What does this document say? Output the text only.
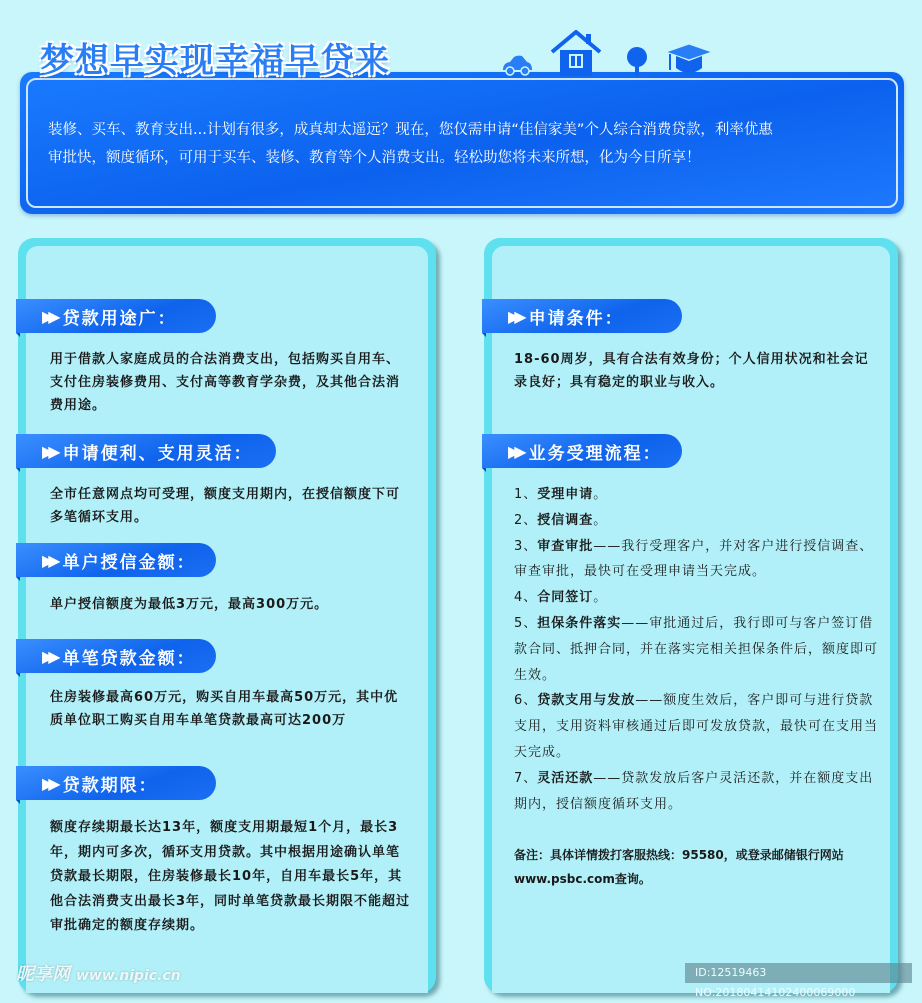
梦想早实现 幸福早贷来
装修、买车、教育支出...计划有很多，成真却太遥远？现在，您仅需申请“佳信家美”个人综合消费贷款，利率优惠
审批快，额度循环，可用于买车、装修、教育等个人消费支出。轻松助您将未来所想，化为今日所享！
▶▶ 贷款用途广：
用于借款人家庭成员的合法消费支出，包括购买自用车、支付住房装修费用、支付高等教育学杂费，及其他合法消费用途。
▶▶ 申请便利、支用灵活：
全市任意网点均可受理，额度支用期内，在授信额度下可多笔循环支用。
▶▶ 单户授信金额：
单户授信额度为最低3万元，最高300万元。
▶▶ 单笔贷款金额：
住房装修最高60万元，购买自用车最高50万元，其中优质单位职工购买自用车单笔贷款最高可达200万
▶▶ 贷款期限：
额度存续期最长达13年，额度支用期最短1个月，最长3年，期内可多次，循环支用贷款。其中根据用途确认单笔贷款最长期限，住房装修最长10年，自用车最长5年，其他合法消费支出最长3年，同时单笔贷款最长期限不能超过审批确定的额度存续期。
▶▶ 申请条件：
18-60周岁，具有合法有效身份；个人信用状况和社会记录良好；具有稳定的职业与收入。
▶▶ 业务受理流程：
1、受理申请。
2、授信调查。
3、审查审批——我行受理客户，并对客户进行授信调查、审查审批，最快可在受理申请当天完成。
4、合同签订。
5、担保条件落实——审批通过后，我行即可与客户签订借款合同、抵押合同，并在落实完相关担保条件后，额度即可生效。
6、贷款支用与发放——额度生效后，客户即可与进行贷款支用，支用资料审核通过后即可发放贷款，最快可在支用当天完成。
7、灵活还款——贷款发放后客户灵活还款，并在额度支出期内，授信额度循环支用。
备注：具体详情拨打客服热线：95580，或登录邮储银行网站
www.psbc.com查询。
昵享网 www.nipic.cn	ID:12519463 NO:20180414102400069000
